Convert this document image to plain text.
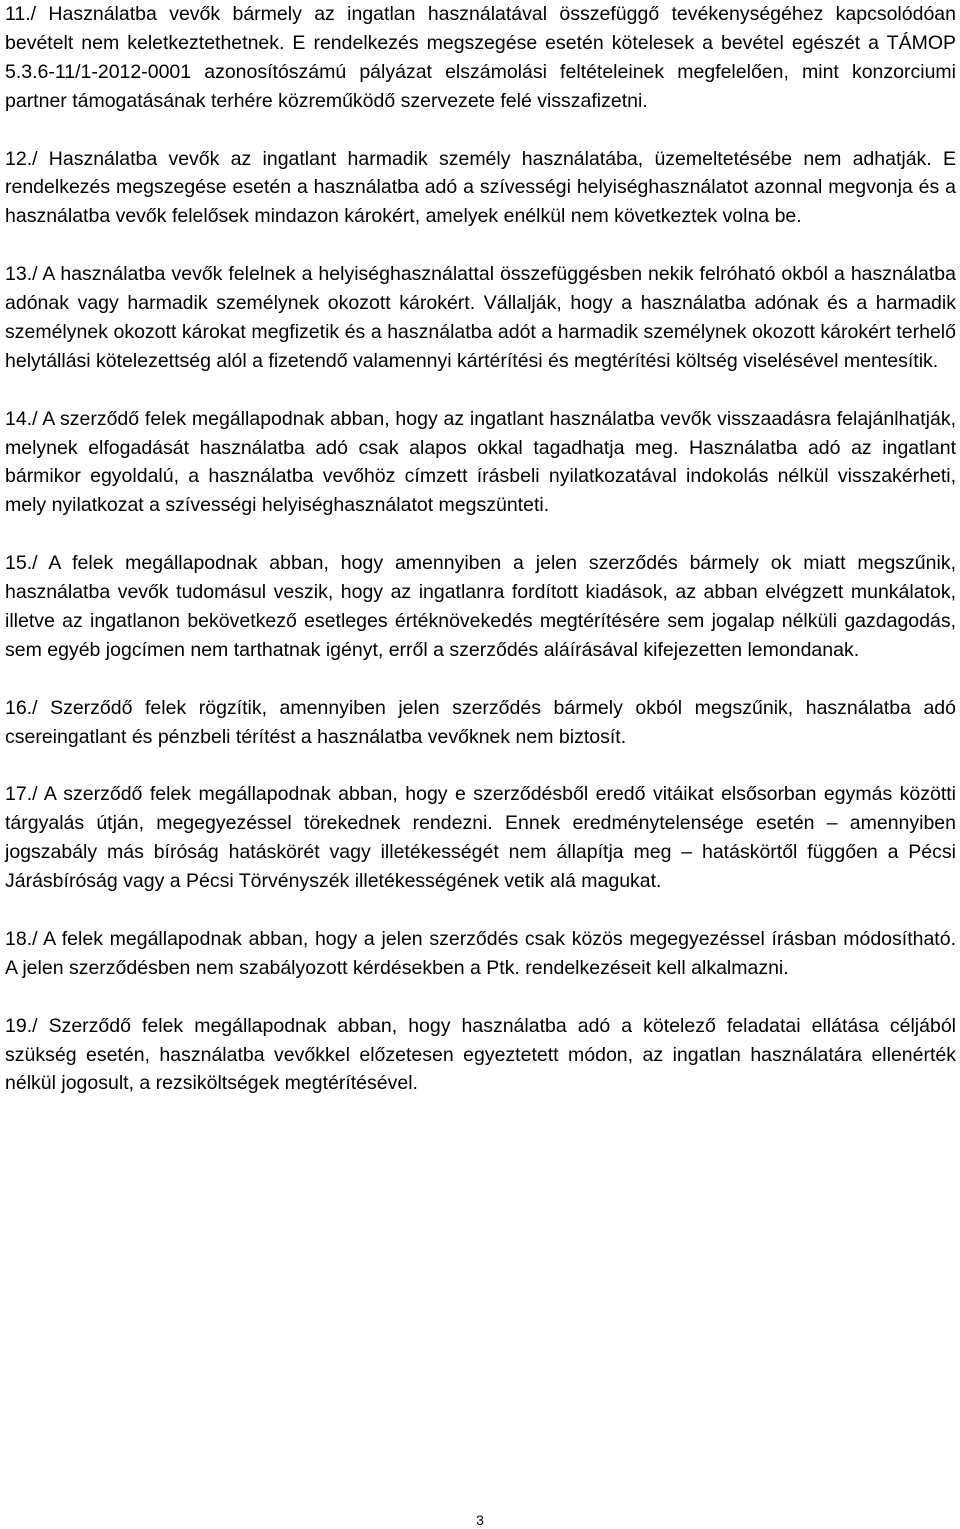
11./ Használatba vevők bármely az ingatlan használatával összefüggő tevékenységéhez kapcsolódóan bevételt nem keletkeztethetnek. E rendelkezés megszegése esetén kötelesek a bevétel egészét a TÁMOP 5.3.6-11/1-2012-0001 azonosítószámú pályázat elszámolási feltételeinek megfelelően, mint konzorciumi partner támogatásának terhére közreműködő szervezete felé visszafizetni.

12./ Használatba vevők az ingatlant harmadik személy használatába, üzemeltetésébe nem adhatják. E rendelkezés megszegése esetén a használatba adó a szívességi helyiséghasználatot azonnal megvonja és a használatba vevők felelősek mindazon károkért, amelyek enélkül nem következtek volna be.

13./ A használatba vevők felelnek a helyiséghasználattal összefüggésben nekik felróható okból a használatba adónak vagy harmadik személynek okozott károkért. Vállalják, hogy a használatba adónak és a harmadik személynek okozott károkat megfizetik és a használatba adót a harmadik személynek okozott károkért terhelő helytállási kötelezettség alól a fizetendő valamennyi kártérítési és megtérítési költség viselésével mentesítik.

14./ A szerződő felek megállapodnak abban, hogy az ingatlant használatba vevők visszaadásra felajánlhatják, melynek elfogadását használatba adó csak alapos okkal tagadhatja meg. Használatba adó az ingatlant bármikor egyoldalú, a használatba vevőhöz címzett írásbeli nyilatkozatával indokolás nélkül visszakérheti, mely nyilatkozat a szívességi helyiséghasználatot megszünteti.

15./ A felek megállapodnak abban, hogy amennyiben a jelen szerződés bármely ok miatt megszűnik, használatba vevők tudomásul veszik, hogy az ingatlanra fordított kiadások, az abban elvégzett munkálatok, illetve az ingatlanon bekövetkező esetleges értéknövekedés megtérítésére sem jogalap nélküli gazdagodás, sem egyéb jogcímen nem tarthatnak igényt, erről a szerződés aláírásával kifejezetten lemondanak.

16./ Szerződő felek rögzítik, amennyiben jelen szerződés bármely okból megszűnik, használatba adó csereingatlant és pénzbeli térítést a használatba vevőknek nem biztosít.

17./ A szerződő felek megállapodnak abban, hogy e szerződésből eredő vitáikat elsősorban egymás közötti tárgyalás útján, megegyezéssel törekednek rendezni. Ennek eredménytelensége esetén – amennyiben jogszabály más bíróság hatáskörét vagy illetékességét nem állapítja meg – hatáskörtől függően a Pécsi Járásbíróság vagy a Pécsi Törvényszék illetékességének vetik alá magukat.

18./ A felek megállapodnak abban, hogy a jelen szerződés csak közös megegyezéssel írásban módosítható. A jelen szerződésben nem szabályozott kérdésekben a Ptk. rendelkezéseit kell alkalmazni.

19./ Szerződő felek megállapodnak abban, hogy használatba adó a kötelező feladatai ellátása céljából szükség esetén, használatba vevőkkel előzetesen egyeztetett módon, az ingatlan használatára ellenérték nélkül jogosult, a rezsiköltségek megtérítésével.

3
